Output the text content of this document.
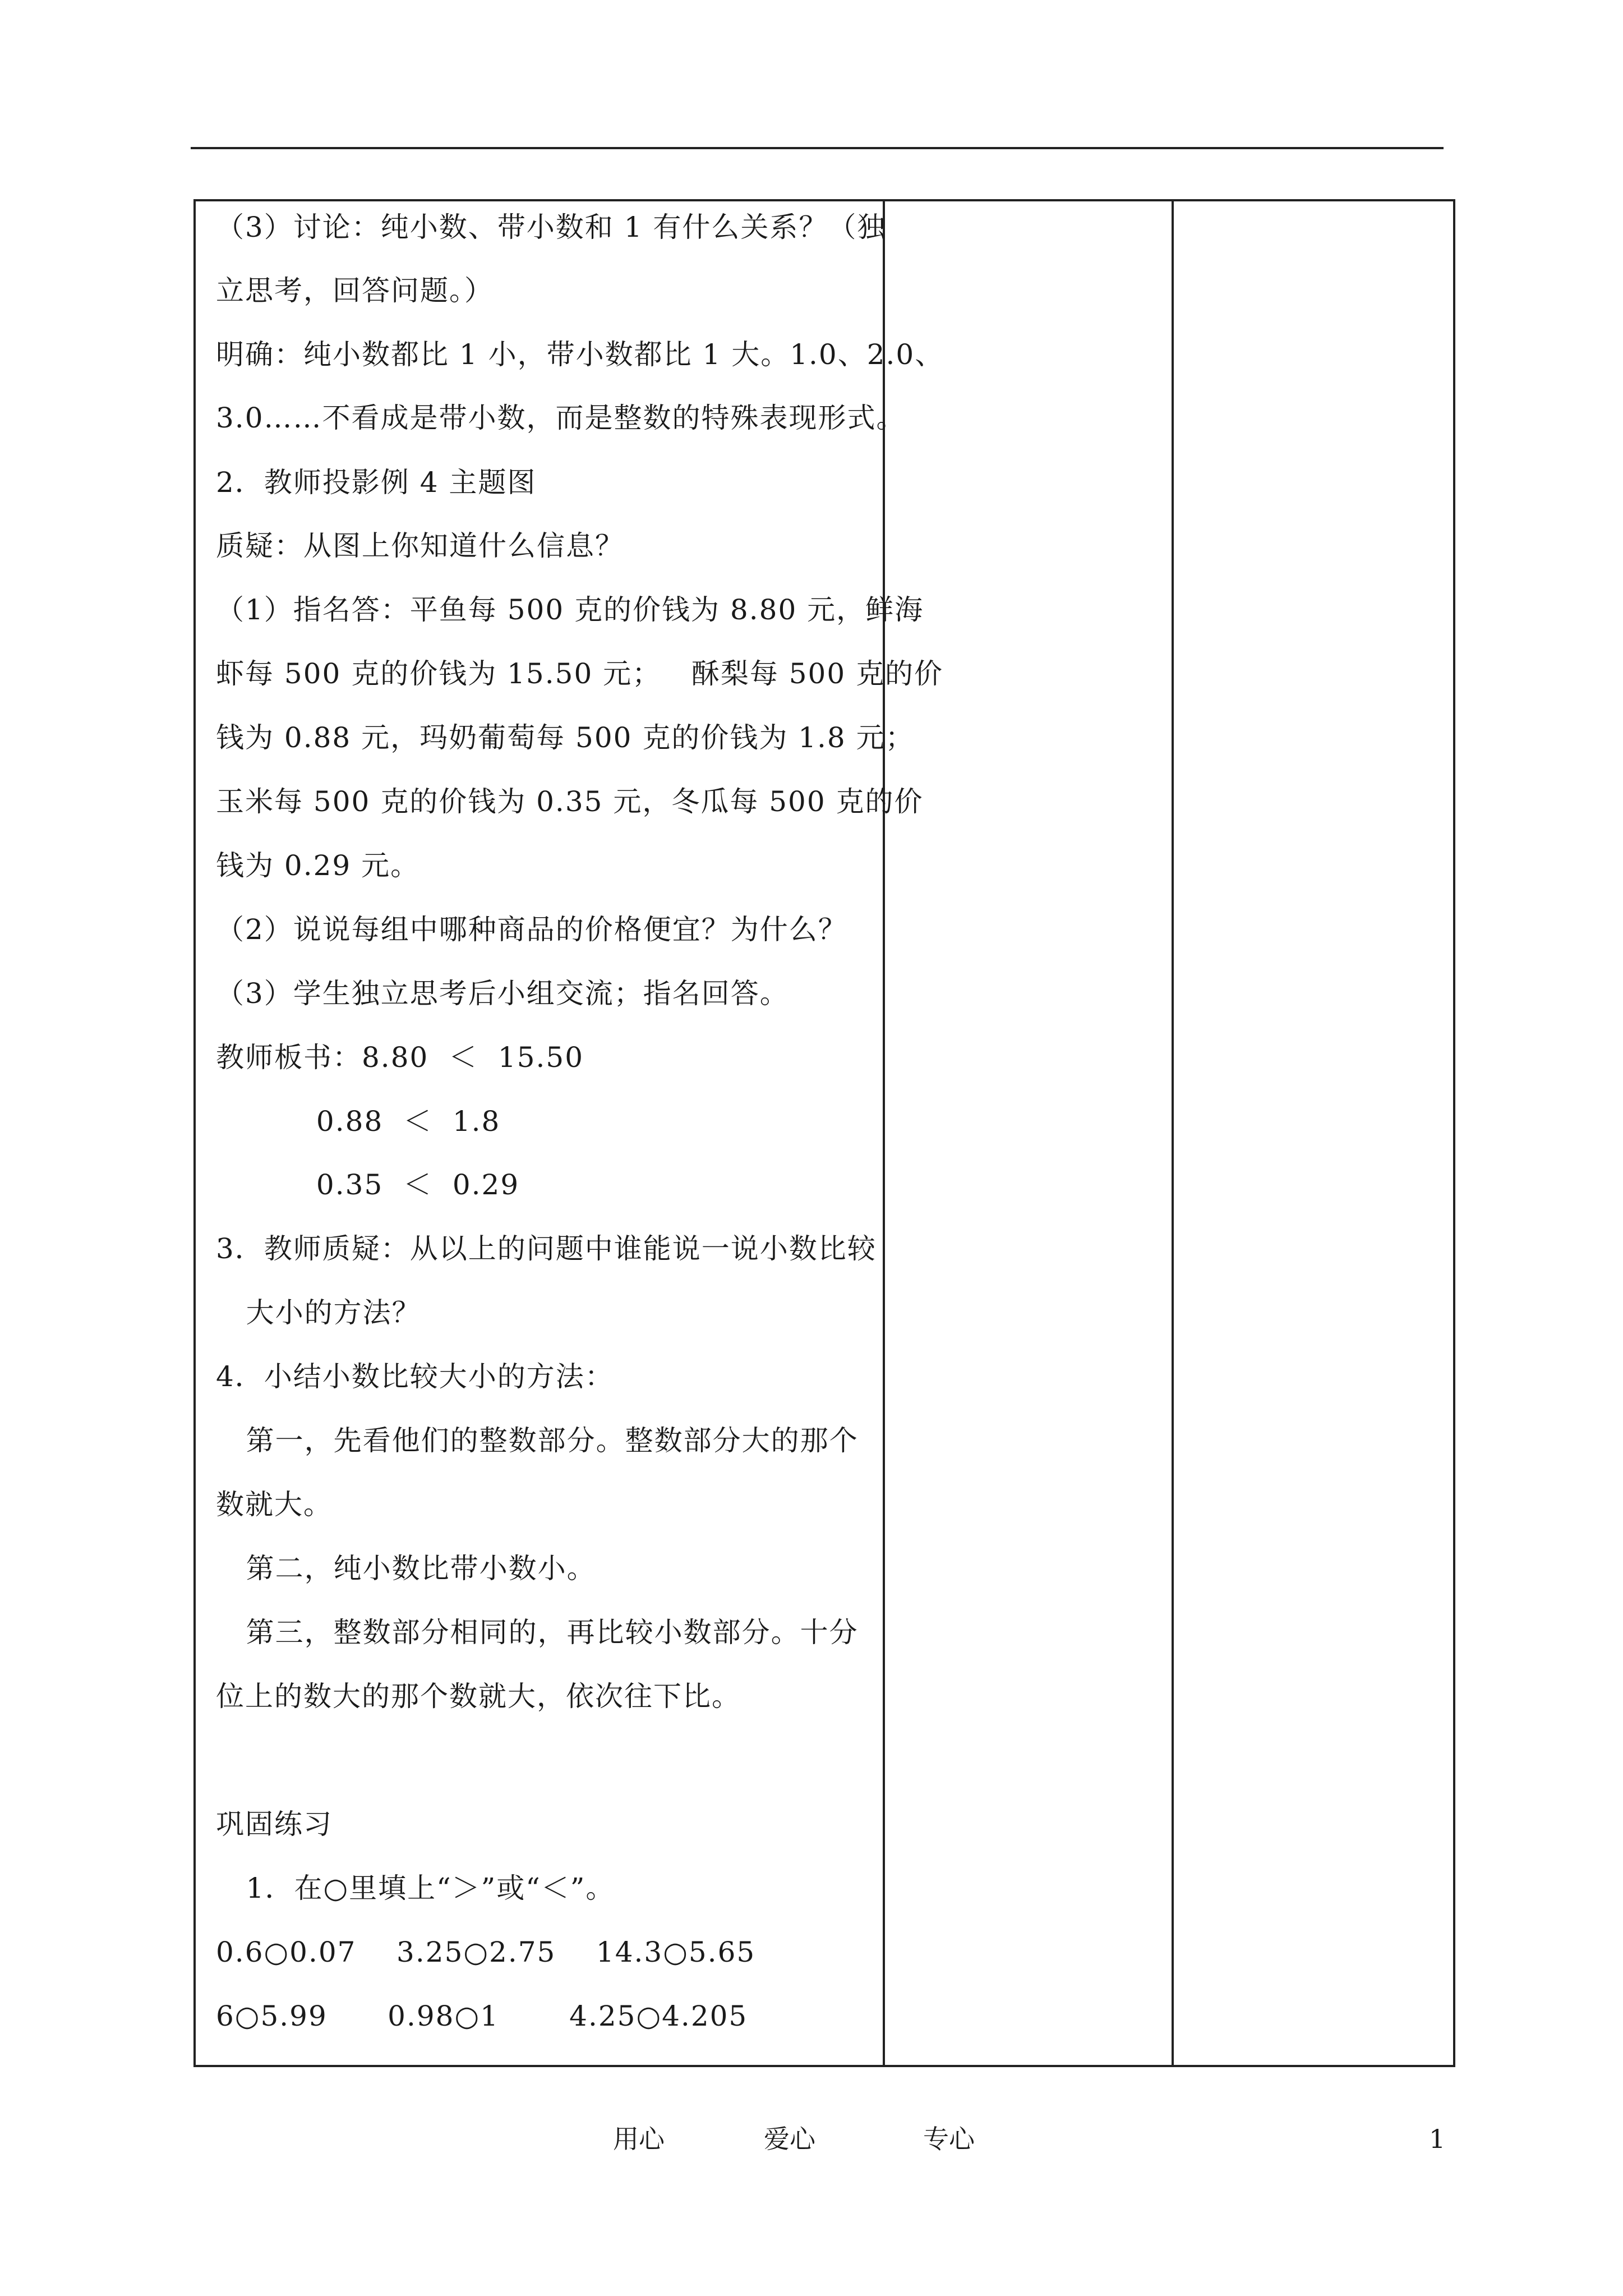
（3）讨论：纯小数、带小数和 1 有什么关系？（独
立思考，回答问题。）
明确：纯小数都比 1 小，带小数都比 1 大。1.0、2.0、
3.0……不看成是带小数，而是整数的特殊表现形式。
2．教师投影例 4 主题图
质疑：从图上你知道什么信息？
（1）指名答：平鱼每 500 克的价钱为 8.80 元，鲜海
虾每 500 克的价钱为 15.50 元；   酥梨每 500 克的价
钱为 0.88 元，玛奶葡萄每 500 克的价钱为 1.8 元；
玉米每 500 克的价钱为 0.35 元，冬瓜每 500 克的价
钱为 0.29 元。
（2）说说每组中哪种商品的价格便宜？为什么？
（3）学生独立思考后小组交流；指名回答。
教师板书：8.80  ＜  15.50
0.88  ＜  1.8
0.35  ＜  0.29
3．教师质疑：从以上的问题中谁能说一说小数比较
大小的方法？
4．小结小数比较大小的方法：
第一，先看他们的整数部分。整数部分大的那个
数就大。
第二，纯小数比带小数小。
第三，整数部分相同的，再比较小数部分。十分
位上的数大的那个数就大，依次往下比。
巩固练习
1．在○里填上“＞”或“＜”。
0.6○0.07    3.25○2.75    14.3○5.65
6○5.99      0.98○1       4.25○4.205
用心	爱心	专心	1
